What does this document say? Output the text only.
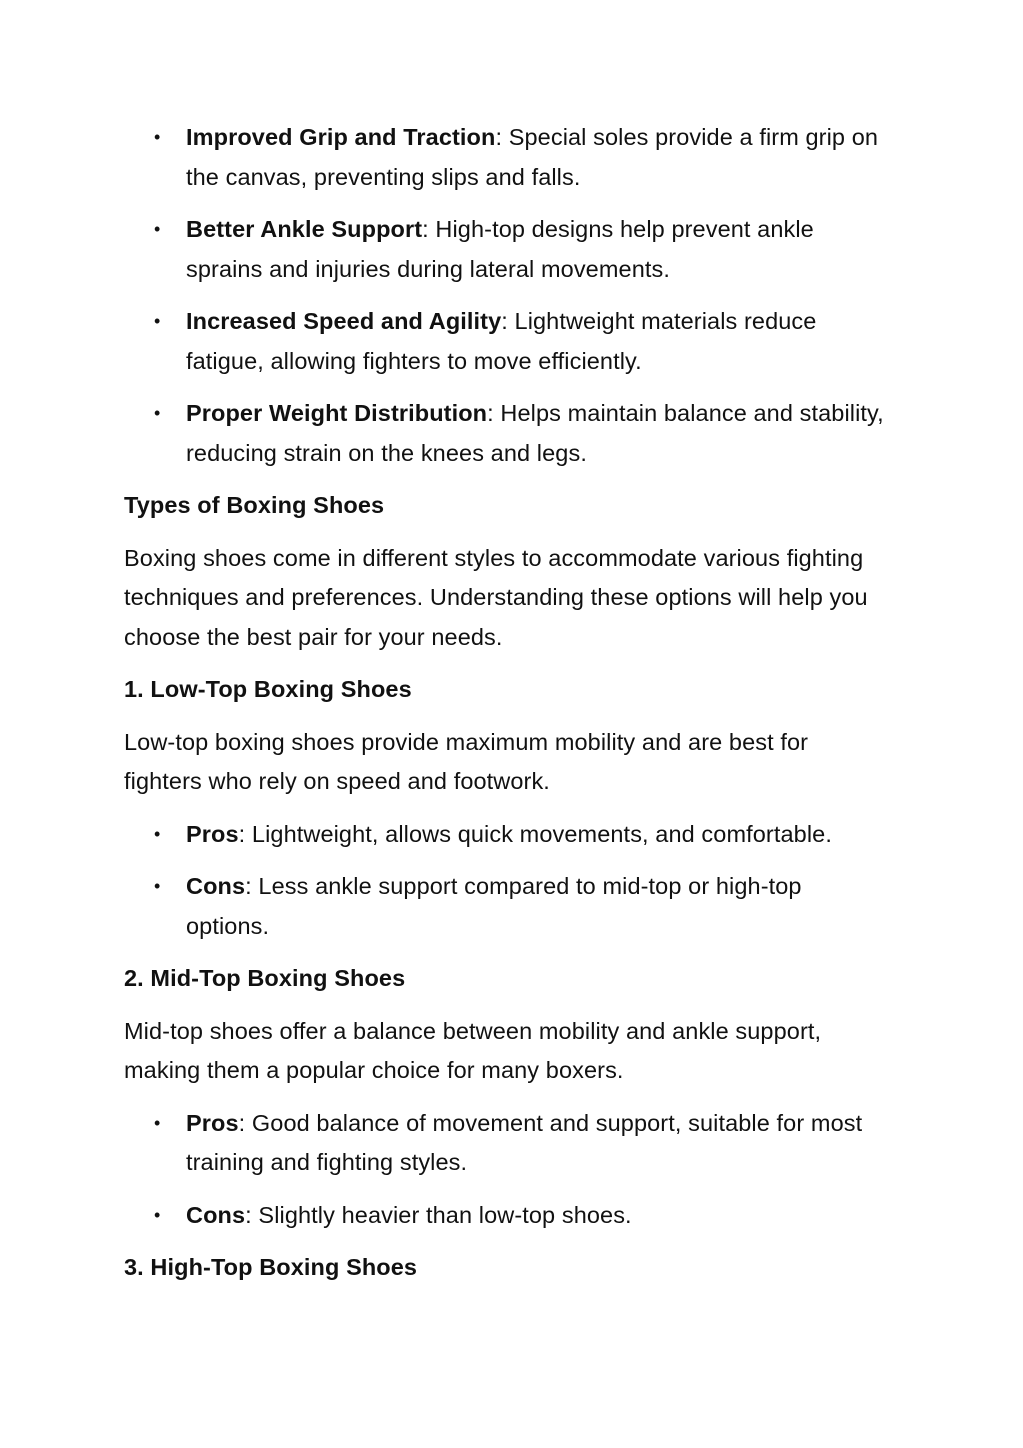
• Improved Grip and Traction: Special soles provide a firm grip on the canvas, preventing slips and falls.
• Better Ankle Support: High-top designs help prevent ankle sprains and injuries during lateral movements.
• Increased Speed and Agility: Lightweight materials reduce fatigue, allowing fighters to move efficiently.
• Proper Weight Distribution: Helps maintain balance and stability, reducing strain on the knees and legs.
Types of Boxing Shoes
Boxing shoes come in different styles to accommodate various fighting techniques and preferences. Understanding these options will help you choose the best pair for your needs.
1. Low-Top Boxing Shoes
Low-top boxing shoes provide maximum mobility and are best for fighters who rely on speed and footwork.
• Pros: Lightweight, allows quick movements, and comfortable.
• Cons: Less ankle support compared to mid-top or high-top options.
2. Mid-Top Boxing Shoes
Mid-top shoes offer a balance between mobility and ankle support, making them a popular choice for many boxers.
• Pros: Good balance of movement and support, suitable for most training and fighting styles.
• Cons: Slightly heavier than low-top shoes.
3. High-Top Boxing Shoes
